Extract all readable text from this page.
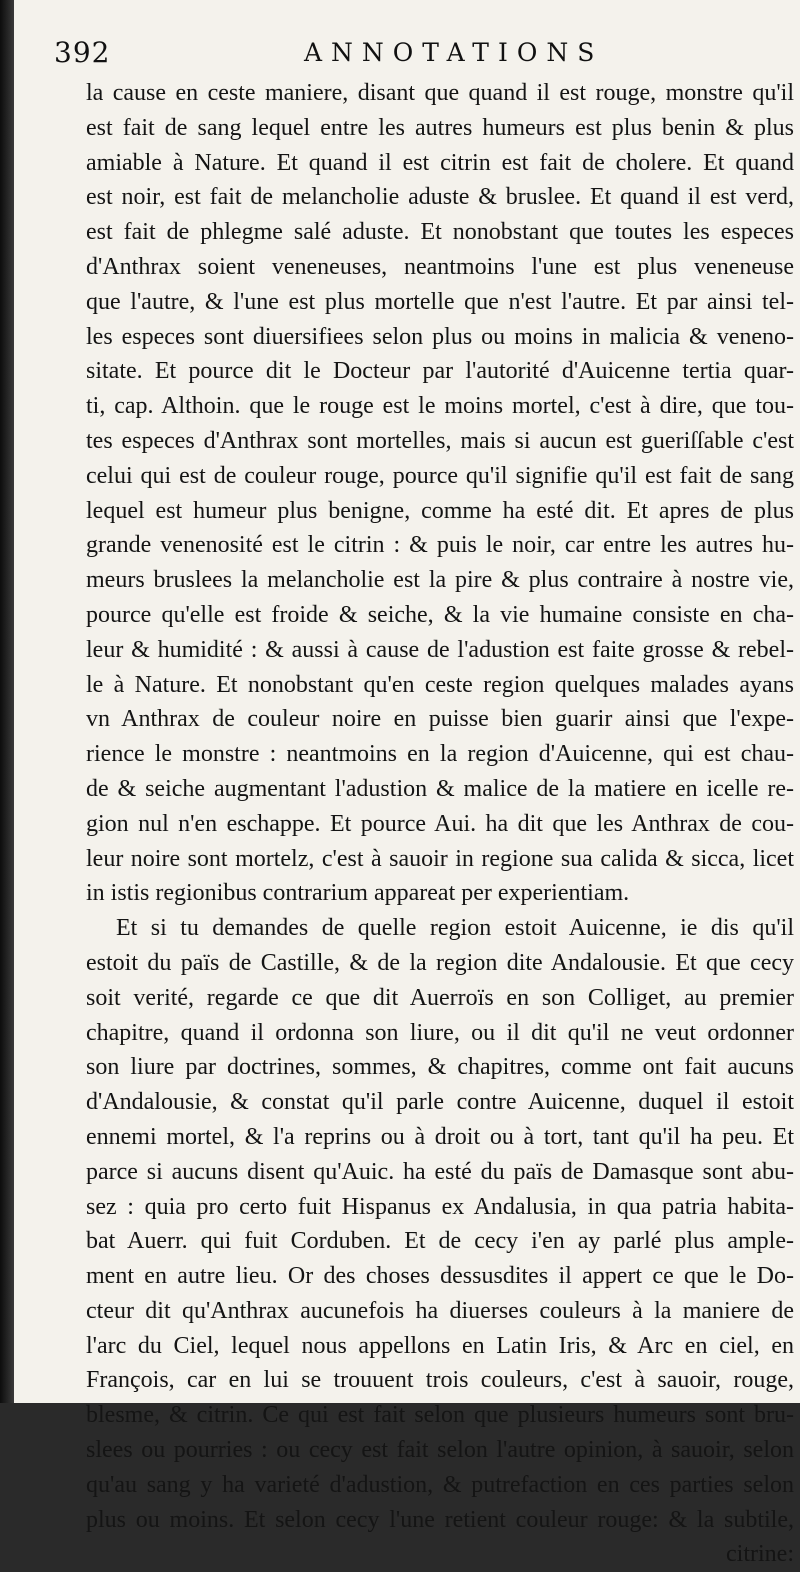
392	ANNOTATIONS
la cause en ceste maniere, disant que quand il est rouge, monstre qu'il
est fait de sang lequel entre les autres humeurs est plus benin & plus
amiable à Nature. Et quand il est citrin est fait de cholere. Et quand
est noir, est fait de melancholie aduste & bruslee. Et quand il est verd,
est fait de phlegme salé aduste. Et nonobstant que toutes les especes
d'Anthrax soient veneneuses, neantmoins l'une est plus veneneuse
que l'autre, & l'une est plus mortelle que n'est l'autre. Et par ainsi tel-
les especes sont diuersifiees selon plus ou moins in malicia & veneno-
sitate. Et pource dit le Docteur par l'autorité d'Auicenne tertia quar-
ti, cap. Althoin. que le rouge est le moins mortel, c'est à dire, que tou-
tes especes d'Anthrax sont mortelles, mais si aucun est gueriſſable c'est
celui qui est de couleur rouge, pource qu'il signifie qu'il est fait de sang
lequel est humeur plus benigne, comme ha esté dit. Et apres de plus
grande venenosité est le citrin : & puis le noir, car entre les autres hu-
meurs bruslees la melancholie est la pire & plus contraire à nostre vie,
pource qu'elle est froide & seiche, & la vie humaine consiste en cha-
leur & humidité : & aussi à cause de l'adustion est faite grosse & rebel-
le à Nature. Et nonobstant qu'en ceste region quelques malades ayans
vn Anthrax de couleur noire en puisse bien guarir ainsi que l'expe-
rience le monstre : neantmoins en la region d'Auicenne, qui est chau-
de & seiche augmentant l'adustion & malice de la matiere en icelle re-
gion nul n'en eschappe. Et pource Aui. ha dit que les Anthrax de cou-
leur noire sont mortelz, c'est à sauoir in regione sua calida & sicca, licet
in istis regionibus contrarium appareat per experientiam.
Et si tu demandes de quelle region estoit Auicenne, ie dis qu'il
estoit du païs de Castille, & de la region dite Andalousie. Et que cecy
soit verité, regarde ce que dit Auerroïs en son Colliget, au premier
chapitre, quand il ordonna son liure, ou il dit qu'il ne veut ordonner
son liure par doctrines, sommes, & chapitres, comme ont fait aucuns
d'Andalousie, & constat qu'il parle contre Auicenne, duquel il estoit
ennemi mortel, & l'a reprins ou à droit ou à tort, tant qu'il ha peu. Et
parce si aucuns disent qu'Auic. ha esté du païs de Damasque sont abu-
sez : quia pro certo fuit Hispanus ex Andalusia, in qua patria habita-
bat Auerr. qui fuit Corduben. Et de cecy i'en ay parlé plus ample-
ment en autre lieu. Or des choses dessusdites il appert ce que le Do-
cteur dit qu'Anthrax aucunefois ha diuerses couleurs à la maniere de
l'arc du Ciel, lequel nous appellons en Latin Iris, & Arc en ciel, en
François, car en lui se trouuent trois couleurs, c'est à sauoir, rouge,
blesme, & citrin. Ce qui est fait selon que plusieurs humeurs sont bru-
slees ou pourries : ou cecy est fait selon l'autre opinion, à sauoir, selon
qu'au sang y ha varieté d'adustion, & putrefaction en ces parties selon
plus ou moins. Et selon cecy l'une retient couleur rouge: & la subtile,
citrine:
